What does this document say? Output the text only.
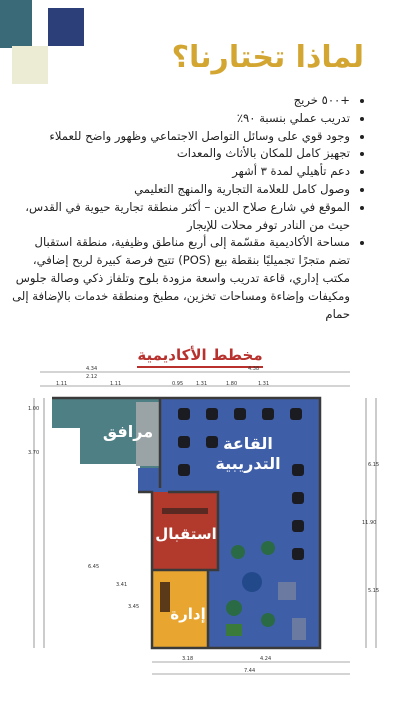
لماذا تختارنا؟
• +٥٠٠ خريج
• تدريب عملي بنسبة ٩٠٪
• وجود قوي على وسائل التواصل الاجتماعي وظهور واضح للعملاء
• تجهيز كامل للمكان بالأثاث والمعدات
• دعم تأهيلي لمدة ٣ أشهر
• وصول كامل للعلامة التجارية والمنهج التعليمي
• الموقع في شارع صلاح الدين – أكثر منطقة تجارية حيوية في القدس، حيث من النادر توفر محلات للإيجار
• مساحة الأكاديمية مقسّمة إلى أربع مناطق وظيفية، منطقة استقبال تضم متجرًا تجميليًا بنقطة بيع (POS) تتيح فرصة كبيرة لربح إضافي، مكتب إداري، قاعة تدريب واسعة مزودة بلوح وتلفاز ذكي وصالة جلوس ومكيفات وإضاءة ومساحات تخزين، مطبخ ومنطقة خدمات بالإضافة إلى حمام
مخطط الأكاديمية
4.34	4.38
2.12
1.11	1.11	0.95	1.31	1.80	1.31
1.00
3.70
6.45
3.41
3.45
6.15
11.90
5.15
3.18	4.24
7.44
مرافق
القاعة
التدريبية
استقبال
إدارة
